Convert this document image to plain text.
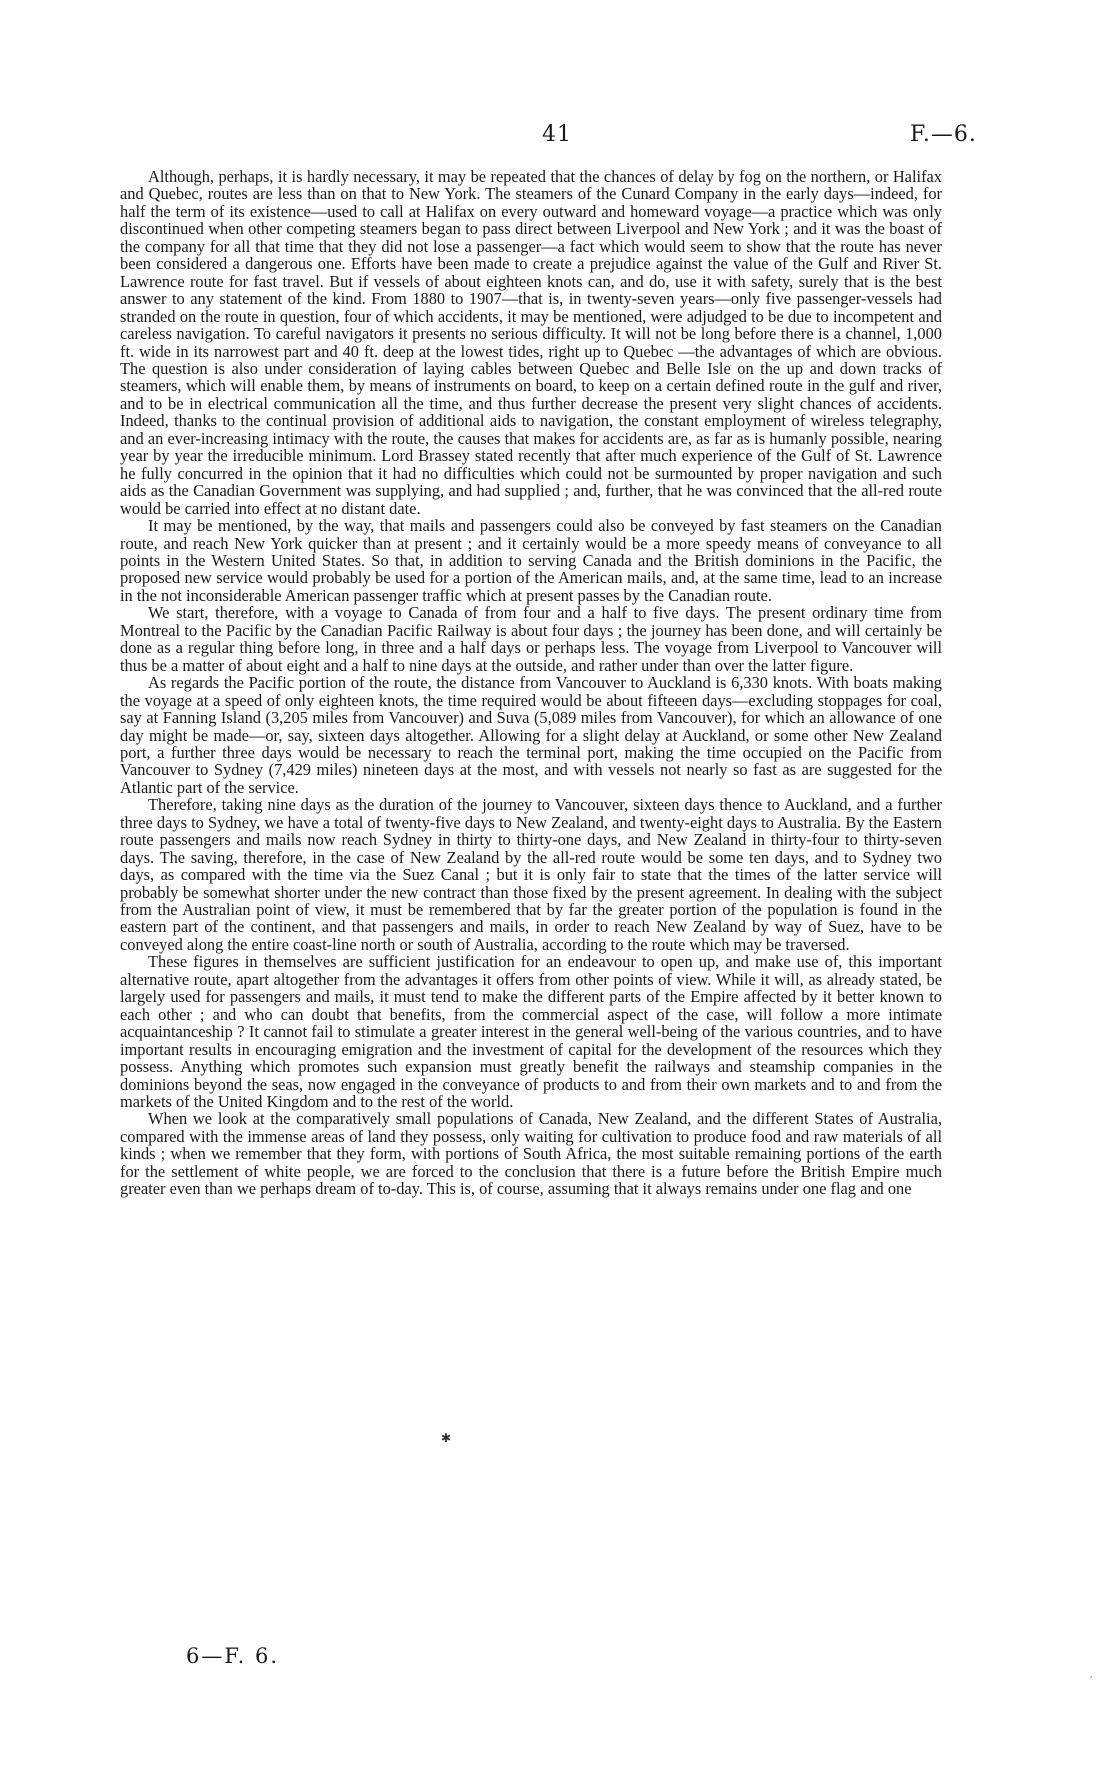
41	F.—6.

Although, perhaps, it is hardly necessary, it may be repeated that the chances of delay by fog on the northern, or Halifax and Quebec, routes are less than on that to New York. The steamers of the Cunard Company in the early days—indeed, for half the term of its existence—used to call at Halifax on every outward and homeward voyage—a practice which was only discontinued when other competing steamers began to pass direct between Liverpool and New York ; and it was the boast of the company for all that time that they did not lose a passenger—a fact which would seem to show that the route has never been considered a dangerous one. Efforts have been made to create a prejudice against the value of the Gulf and River St. Lawrence route for fast travel. But if vessels of about eighteen knots can, and do, use it with safety, surely that is the best answer to any statement of the kind. From 1880 to 1907—that is, in twenty-seven years—only five passenger-vessels had stranded on the route in question, four of which accidents, it may be mentioned, were adjudged to be due to incompetent and careless navigation. To careful navigators it presents no serious difficulty. It will not be long before there is a channel, 1,000 ft. wide in its narrowest part and 40 ft. deep at the lowest tides, right up to Quebec —the advantages of which are obvious. The question is also under consideration of laying cables between Quebec and Belle Isle on the up and down tracks of steamers, which will enable them, by means of instruments on board, to keep on a certain defined route in the gulf and river, and to be in electrical communication all the time, and thus further decrease the present very slight chances of accidents. Indeed, thanks to the continual provision of additional aids to navigation, the constant employment of wireless telegraphy, and an ever-increasing intimacy with the route, the causes that makes for accidents are, as far as is humanly possible, nearing year by year the irreducible minimum. Lord Brassey stated recently that after much experience of the Gulf of St. Lawrence he fully concurred in the opinion that it had no difficulties which could not be surmounted by proper navigation and such aids as the Canadian Government was supplying, and had supplied ; and, further, that he was convinced that the all-red route would be carried into effect at no distant date.

It may be mentioned, by the way, that mails and passengers could also be conveyed by fast steamers on the Canadian route, and reach New York quicker than at present ; and it certainly would be a more speedy means of conveyance to all points in the Western United States. So that, in addition to serving Canada and the British dominions in the Pacific, the proposed new service would probably be used for a portion of the American mails, and, at the same time, lead to an increase in the not inconsiderable American passenger traffic which at present passes by the Canadian route.

We start, therefore, with a voyage to Canada of from four and a half to five days. The present ordinary time from Montreal to the Pacific by the Canadian Pacific Railway is about four days ; the journey has been done, and will certainly be done as a regular thing before long, in three and a half days or perhaps less. The voyage from Liverpool to Vancouver will thus be a matter of about eight and a half to nine days at the outside, and rather under than over the latter figure.

As regards the Pacific portion of the route, the distance from Vancouver to Auckland is 6,330 knots. With boats making the voyage at a speed of only eighteen knots, the time required would be about fifteeen days—excluding stoppages for coal, say at Fanning Island (3,205 miles from Vancouver) and Suva (5,089 miles from Vancouver), for which an allowance of one day might be made—or, say, sixteen days altogether. Allowing for a slight delay at Auckland, or some other New Zealand port, a further three days would be necessary to reach the terminal port, making the time occupied on the Pacific from Vancouver to Sydney (7,429 miles) nineteen days at the most, and with vessels not nearly so fast as are suggested for the Atlantic part of the service.

Therefore, taking nine days as the duration of the journey to Vancouver, sixteen days thence to Auckland, and a further three days to Sydney, we have a total of twenty-five days to New Zealand, and twenty-eight days to Australia. By the Eastern route passengers and mails now reach Sydney in thirty to thirty-one days, and New Zealand in thirty-four to thirty-seven days. The saving, therefore, in the case of New Zealand by the all-red route would be some ten days, and to Sydney two days, as compared with the time via the Suez Canal ; but it is only fair to state that the times of the latter service will probably be somewhat shorter under the new contract than those fixed by the present agreement. In dealing with the subject from the Australian point of view, it must be remembered that by far the greater portion of the population is found in the eastern part of the continent, and that passengers and mails, in order to reach New Zealand by way of Suez, have to be conveyed along the entire coast-line north or south of Australia, according to the route which may be traversed.

These figures in themselves are sufficient justification for an endeavour to open up, and make use of, this important alternative route, apart altogether from the advantages it offers from other points of view. While it will, as already stated, be largely used for passengers and mails, it must tend to make the different parts of the Empire affected by it better known to each other ; and who can doubt that benefits, from the commercial aspect of the case, will follow a more intimate acquaintanceship ? It cannot fail to stimulate a greater interest in the general well-being of the various countries, and to have important results in encouraging emigration and the investment of capital for the development of the resources which they possess. Anything which promotes such expansion must greatly benefit the railways and steamship companies in the dominions beyond the seas, now engaged in the conveyance of products to and from their own markets and to and from the markets of the United Kingdom and to the rest of the world.

When we look at the comparatively small populations of Canada, New Zealand, and the different States of Australia, compared with the immense areas of land they possess, only waiting for cultivation to produce food and raw materials of all kinds ; when we remember that they form, with portions of South Africa, the most suitable remaining portions of the earth for the settlement of white people, we are forced to the conclusion that there is a future before the British Empire much greater even than we perhaps dream of to-day. This is, of course, assuming that it always remains under one flag and one

6—F. 6.
✱
′
